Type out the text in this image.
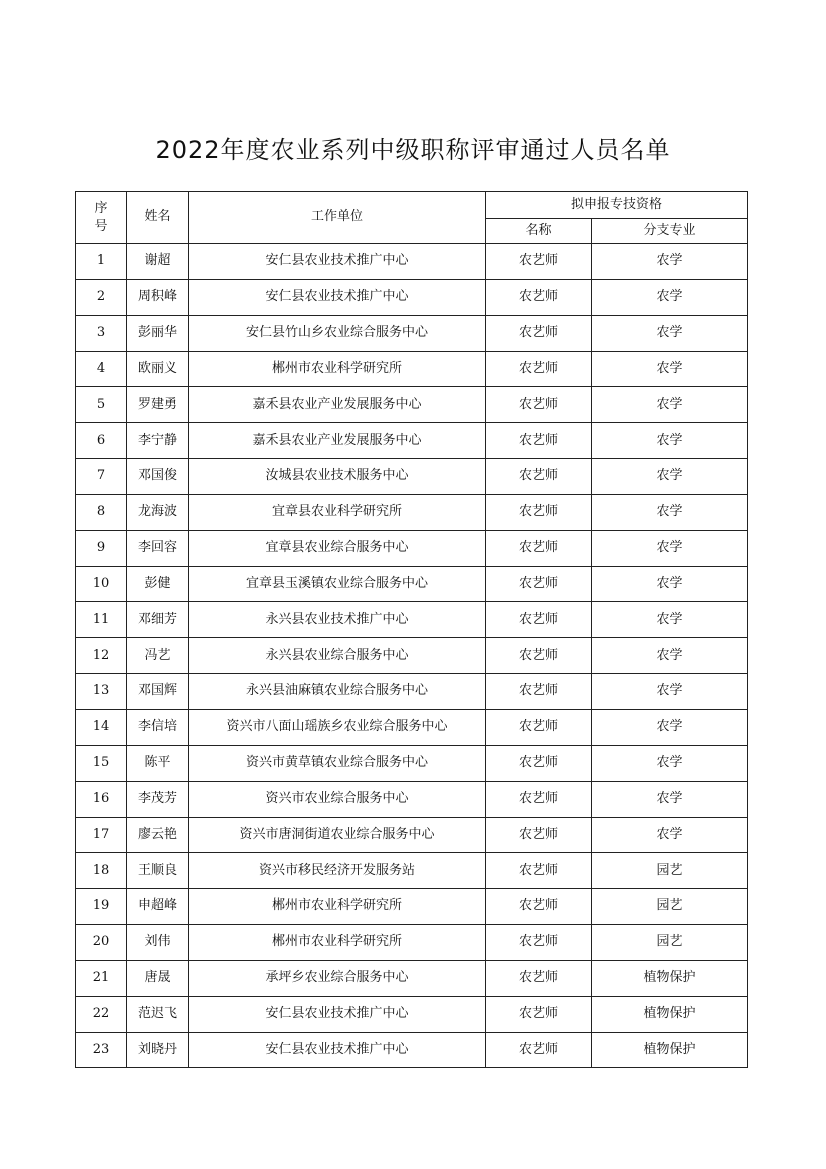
2022年度农业系列中级职称评审通过人员名单
序号	姓名	工作单位	拟申报专技资格	
			名称	分支专业
1	谢超	安仁县农业技术推广中心	农艺师	农学
2	周积峰	安仁县农业技术推广中心	农艺师	农学
3	彭丽华	安仁县竹山乡农业综合服务中心	农艺师	农学
4	欧丽义	郴州市农业科学研究所	农艺师	农学
5	罗建勇	嘉禾县农业产业发展服务中心	农艺师	农学
6	李宁静	嘉禾县农业产业发展服务中心	农艺师	农学
7	邓国俊	汝城县农业技术服务中心	农艺师	农学
8	龙海波	宜章县农业科学研究所	农艺师	农学
9	李回容	宜章县农业综合服务中心	农艺师	农学
10	彭健	宜章县玉溪镇农业综合服务中心	农艺师	农学
11	邓细芳	永兴县农业技术推广中心	农艺师	农学
12	冯艺	永兴县农业综合服务中心	农艺师	农学
13	邓国辉	永兴县油麻镇农业综合服务中心	农艺师	农学
14	李信培	资兴市八面山瑶族乡农业综合服务中心	农艺师	农学
15	陈平	资兴市黄草镇农业综合服务中心	农艺师	农学
16	李茂芳	资兴市农业综合服务中心	农艺师	农学
17	廖云艳	资兴市唐洞街道农业综合服务中心	农艺师	农学
18	王顺良	资兴市移民经济开发服务站	农艺师	园艺
19	申超峰	郴州市农业科学研究所	农艺师	园艺
20	刘伟	郴州市农业科学研究所	农艺师	园艺
21	唐晟	承坪乡农业综合服务中心	农艺师	植物保护
22	范迟飞	安仁县农业技术推广中心	农艺师	植物保护
23	刘晓丹	安仁县农业技术推广中心	农艺师	植物保护
